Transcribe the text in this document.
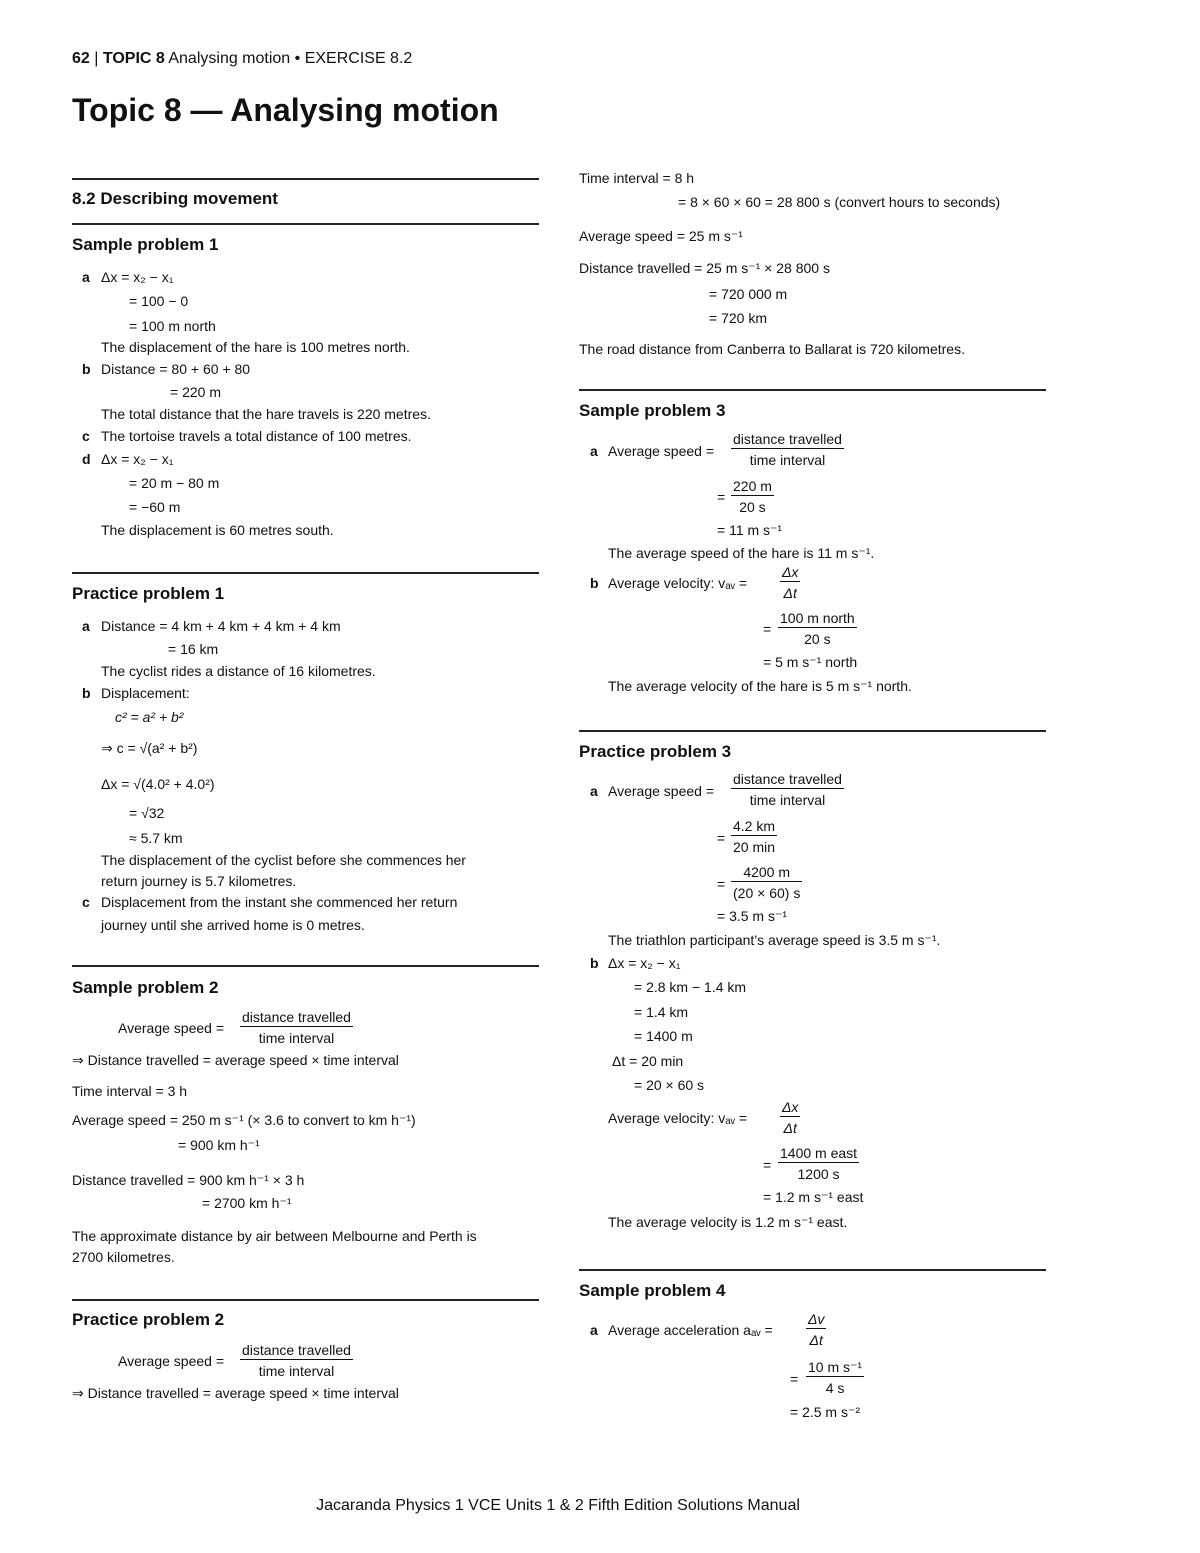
62 | TOPIC 8 Analysing motion • EXERCISE 8.2
Topic 8 — Analysing motion
8.2 Describing movement
Sample problem 1
a Δx = x₂ − x₁
= 100 − 0
= 100 m north
The displacement of the hare is 100 metres north.
b Distance = 80 + 60 + 80
= 220 m
The total distance that the hare travels is 220 metres.
c The tortoise travels a total distance of 100 metres.
d Δx = x₂ − x₁
= 20 m − 80 m
= −60 m
The displacement is 60 metres south.
Practice problem 1
a Distance = 4 km + 4 km + 4 km + 4 km
= 16 km
The cyclist rides a distance of 16 kilometres.
b Displacement:
c² = a² + b²
⇒ c = √(a² + b²)
Δx = √(4.0² + 4.0²)
= √32
≈ 5.7 km
The displacement of the cyclist before she commences her
return journey is 5.7 kilometres.
c Displacement from the instant she commenced her return
journey until she arrived home is 0 metres.
Sample problem 2
Average speed =
distance travelled
time interval
⇒ Distance travelled = average speed × time interval
Time interval = 3 h
Average speed = 250 m s⁻¹ (× 3.6 to convert to km h⁻¹)
= 900 km h⁻¹
Distance travelled = 900 km h⁻¹ × 3 h
= 2700 km h⁻¹
The approximate distance by air between Melbourne and Perth is
2700 kilometres.
Practice problem 2
Average speed =
distance travelled
time interval
⇒ Distance travelled = average speed × time interval
Time interval = 8 h
= 8 × 60 × 60 = 28 800 s (convert hours to seconds)
Average speed = 25 m s⁻¹
Distance travelled = 25 m s⁻¹ × 28 800 s
= 720 000 m
= 720 km
The road distance from Canberra to Ballarat is 720 kilometres.
Sample problem 3
a Average speed =
distance travelled
time interval
= $\frac{220 m}{20 s}$
= 11 m s⁻¹
The average speed of the hare is 11 m s⁻¹.
b Average velocity: vₐᵥ = $\frac{\Delta x}{\Delta t}$
=
100 m north
20 s
= 5 m s⁻¹ north
The average velocity of the hare is 5 m s⁻¹ north.
Practice problem 3
a Average speed =
distance travelled
time interval
=
4.2 km
20 min
= $\frac{4200 m}{(20 \times 60) s}$
= 3.5 m s⁻¹
The triathlon participant’s average speed is 3.5 m s⁻¹.
b Δx = x₂ − x₁
= 2.8 km − 1.4 km
= 1.4 km
= 1400 m
Δt = 20 min
= 20 × 60 s
Average velocity: vₐᵥ = $\frac{\Delta x}{\Delta t}$
=
1400 m east
1200 s
= 1.2 m s⁻¹ east
The average velocity is 1.2 m s⁻¹ east.
Sample problem 4
a Average acceleration aₐᵥ = $\frac{\Delta v}{\Delta t}$
= $\frac{\text{10 m s⁻¹}}{4 s}$
= 2.5 m s⁻²
Jacaranda Physics 1 VCE Units 1 & 2 Fifth Edition Solutions Manual
